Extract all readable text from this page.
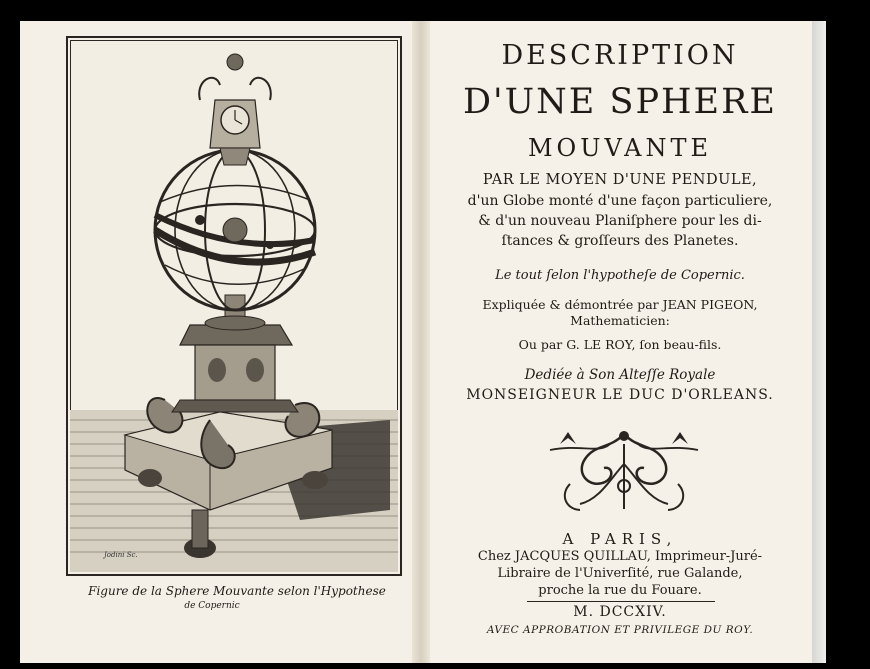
Jodini Sc.
Figure de la Sphere Mouvante selon l'Hypothese
de Copernic
DESCRIPTION
D'UNE SPHERE
MOUVANTE
PAR LE MOYEN D'UNE PENDULE,
d'un Globe monté d'une façon particuliere,
& d'un nouveau Planiſphere pour les di-
ſtances & groſſeurs des Planetes.
Le tout ſelon l'hypotheſe de Copernic.
Expliquée & démontrée par JEAN PIGEON,
Mathematicien:
Ou par G. LE ROY, ſon beau-fils.
Dediée à Son Alteſſe Royale
MONSEIGNEUR LE DUC D'ORLEANS.
A PARIS,
Chez JACQUES QUILLAU, Imprimeur-Juré-
Libraire de l'Univerſité, rue Galande,
proche la rue du Fouare.
M. DCCXIV.
AVEC APPROBATION ET PRIVILEGE DU ROY.
